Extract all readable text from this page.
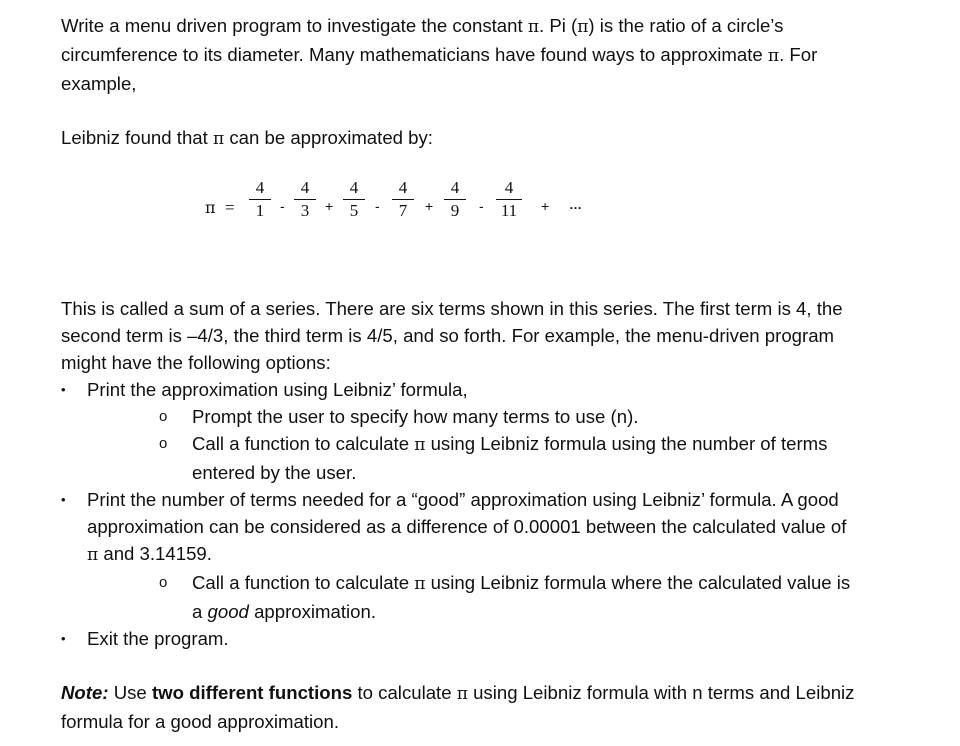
Write a menu driven program to investigate the constant π. Pi (π) is the ratio of a circle’s
circumference to its diameter. Many mathematicians have found ways to approximate π. For
example,

Leibniz found that π can be approximated by:

π =
4
1	-
4
3	+
4
5	-
4
7	+
4
9	-
4
11	+ …

This is called a sum of a series. There are six terms shown in this series. The first term is 4, the
second term is –4/3, the third term is 4/5, and so forth. For example, the menu-driven program
might have the following options:

• Print the approximation using Leibniz’ formula,
o Prompt the user to specify how many terms to use (n).
o Call a function to calculate π using Leibniz formula using the number of terms
entered by the user.
• Print the number of terms needed for a “good” approximation using Leibniz’ formula. A good
approximation can be considered as a difference of 0.00001 between the calculated value of
π and 3.14159.
o Call a function to calculate π using Leibniz formula where the calculated value is
a good approximation.
• Exit the program.

Note: Use two different functions to calculate π using Leibniz formula with n terms and Leibniz
formula for a good approximation.
